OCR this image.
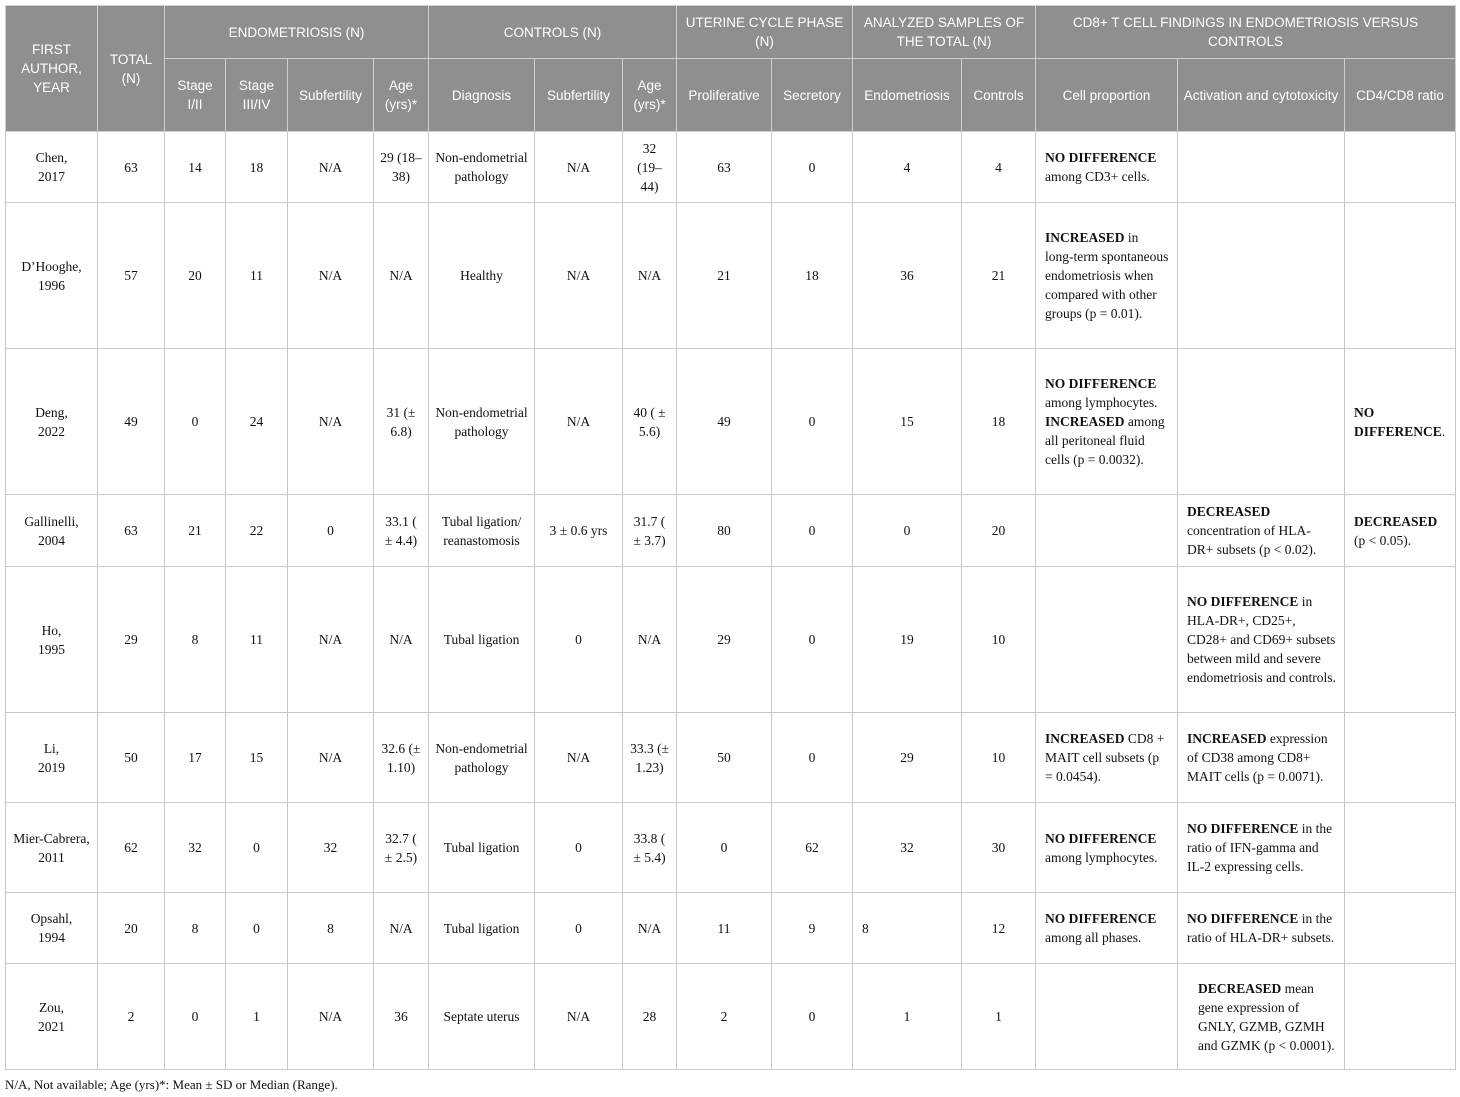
FIRST AUTHOR, YEAR	TOTAL (N)	ENDOMETRIOSIS (N)				CONTROLS (N)			UTERINE CYCLE PHASE (N)		ANALYZED SAMPLES OF THE TOTAL (N)		CD8+ T CELL FINDINGS IN ENDOMETRIOSIS VERSUS CONTROLS		
		Stage I/II	Stage III/IV	Subfertility	Age (yrs)*	Diagnosis	Subfertility	Age (yrs)*	Proliferative	Secretory	Endometriosis	Controls	Cell proportion	Activation and cytotoxicity	CD4/CD8 ratio
Chen,
2017	63	14	18	N/A	29 (18–38)	Non-endometrial pathology	N/A	32 (19–44)	63	0	4	4	NO DIFFERENCE among CD3+ cells.		
D’Hooghe,
1996	57	20	11	N/A	N/A	Healthy	N/A	N/A	21	18	36	21	INCREASED in long-term spontaneous endometriosis when compared with other groups (p = 0.01).		
Deng,
2022	49	0	24	N/A	31 (± 6.8)	Non-endometrial pathology	N/A	40 ( ± 5.6)	49	0	15	18	NO DIFFERENCE among lymphocytes.
INCREASED among all peritoneal fluid cells (p = 0.0032).		NO DIFFERENCE.
Gallinelli,
2004	63	21	22	0	33.1 ( ± 4.4)	Tubal ligation/ reanastomosis	3 ± 0.6 yrs	31.7 ( ± 3.7)	80	0	0	20		DECREASED concentration of HLA-DR+ subsets (p < 0.02).	DECREASED (p < 0.05).
Ho,
1995	29	8	11	N/A	N/A	Tubal ligation	0	N/A	29	0	19	10		NO DIFFERENCE in HLA-DR+, CD25+, CD28+ and CD69+ subsets between mild and severe endometriosis and controls.	
Li,
2019	50	17	15	N/A	32.6 (± 1.10)	Non-endometrial pathology	N/A	33.3 (± 1.23)	50	0	29	10	INCREASED CD8 + MAIT cell subsets (p = 0.0454).	INCREASED expression of CD38 among CD8+ MAIT cells (p = 0.0071).	
Mier-Cabrera,
2011	62	32	0	32	32.7 ( ± 2.5)	Tubal ligation	0	33.8 ( ± 5.4)	0	62	32	30	NO DIFFERENCE among lymphocytes.	NO DIFFERENCE in the ratio of IFN-gamma and IL-2 expressing cells.	
Opsahl,
1994	20	8	0	8	N/A	Tubal ligation	0	N/A	11	9	8	12	NO DIFFERENCE among all phases.	NO DIFFERENCE in the ratio of HLA-DR+ subsets.	
Zou,
2021	2	0	1	N/A	36	Septate uterus	N/A	28	2	0	1	1		DECREASED mean gene expression of GNLY, GZMB, GZMH and GZMK (p < 0.0001).	
N/A, Not available; Age (yrs)*: Mean ± SD or Median (Range).
